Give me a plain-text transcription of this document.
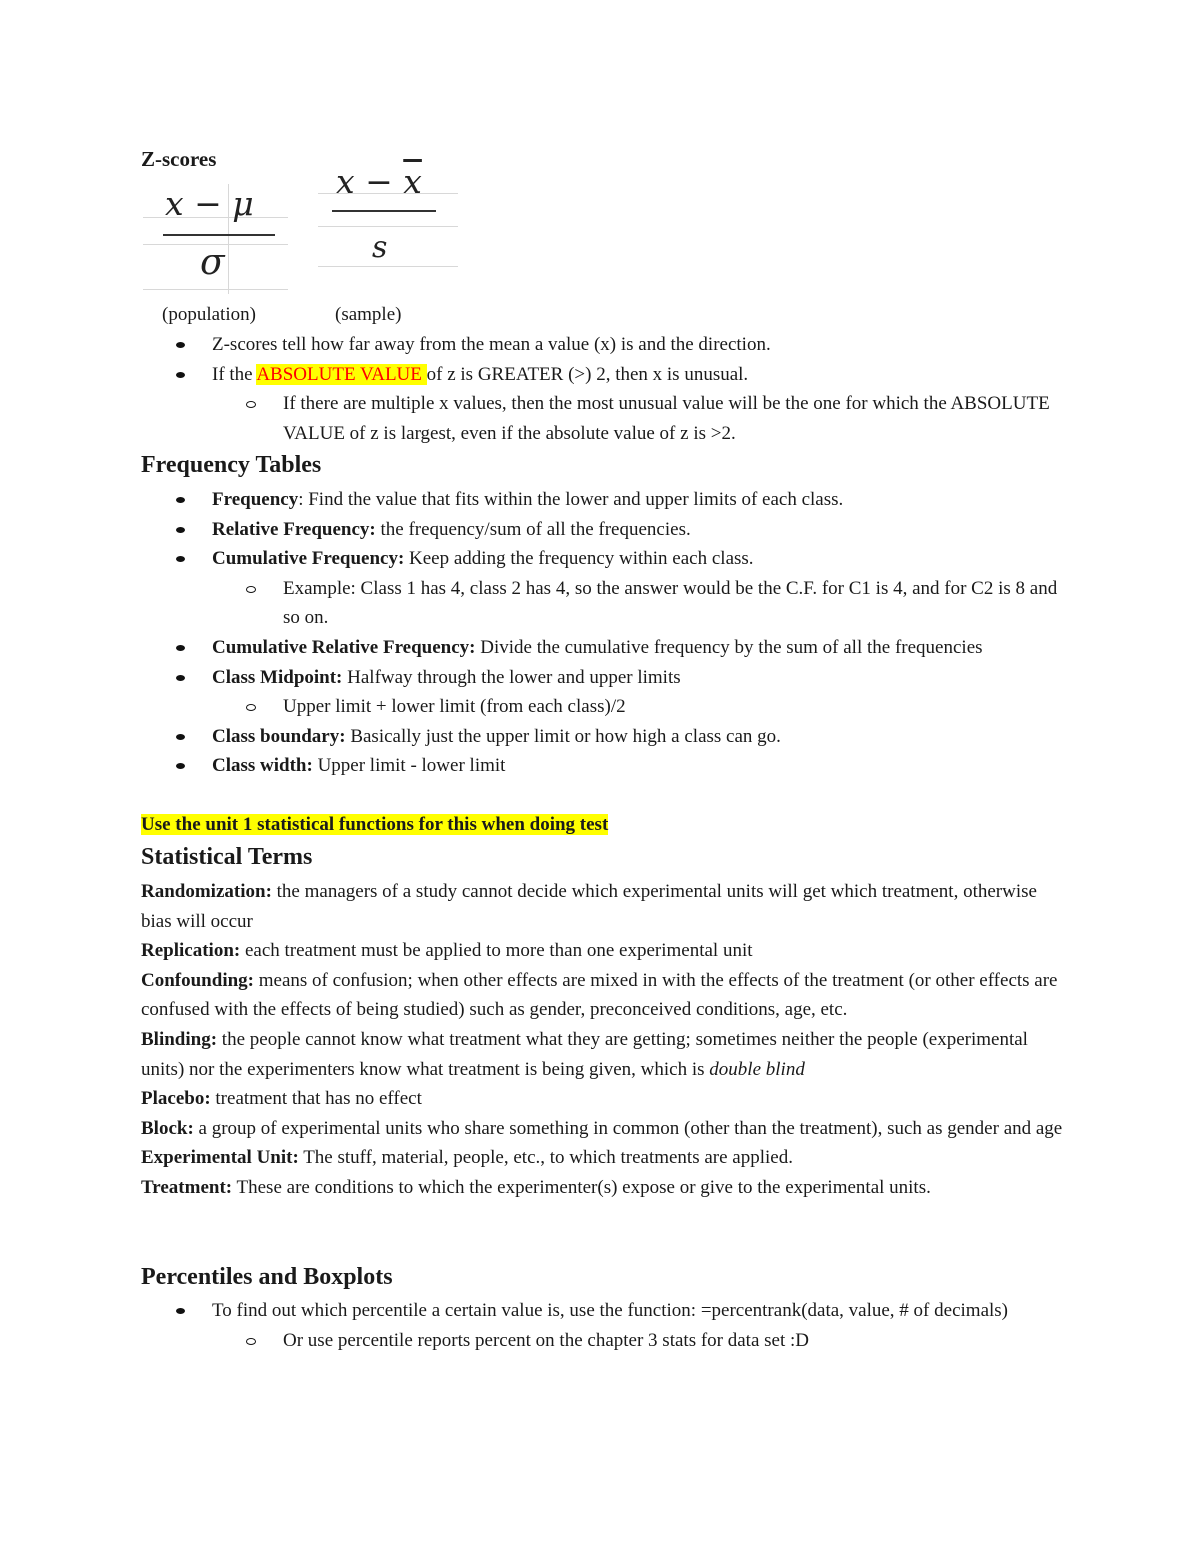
Z-scores
x − μ
σ
$x - \overline{x}$
s
(population)	(sample)
Z-scores tell how far away from the mean a value (x) is and the direction.
If the ABSOLUTE VALUE of z is GREATER (>) 2, then x is unusual.
If there are multiple x values, then the most unusual value will be the one for which the ABSOLUTE VALUE of z is largest, even if the absolute value of z is >2.
Frequency Tables
Frequency: Find the value that fits within the lower and upper limits of each class.
Relative Frequency: the frequency/sum of all the frequencies.
Cumulative Frequency: Keep adding the frequency within each class.
Example: Class 1 has 4, class 2 has 4, so the answer would be the C.F. for C1 is 4, and for C2 is 8 and so on.
Cumulative Relative Frequency: Divide the cumulative frequency by the sum of all the frequencies
Class Midpoint: Halfway through the lower and upper limits
Upper limit + lower limit (from each class)/2
Class boundary: Basically just the upper limit or how high a class can go.
Class width: Upper limit - lower limit
Use the unit 1 statistical functions for this when doing test
Statistical Terms
Randomization: the managers of a study cannot decide which experimental units will get which treatment, otherwise bias will occur
Replication: each treatment must be applied to more than one experimental unit
Confounding: means of confusion; when other effects are mixed in with the effects of the treatment (or other effects are confused with the effects of being studied) such as gender, preconceived conditions, age, etc.
Blinding: the people cannot know what treatment what they are getting; sometimes neither the people (experimental units) nor the experimenters know what treatment is being given, which is double blind
Placebo: treatment that has no effect
Block: a group of experimental units who share something in common (other than the treatment), such as gender and age
Experimental Unit: The stuff, material, people, etc., to which treatments are applied.
Treatment: These are conditions to which the experimenter(s) expose or give to the experimental units.
Percentiles and Boxplots
To find out which percentile a certain value is, use the function: =percentrank(data, value, # of decimals)
Or use percentile reports percent on the chapter 3 stats for data set :D
